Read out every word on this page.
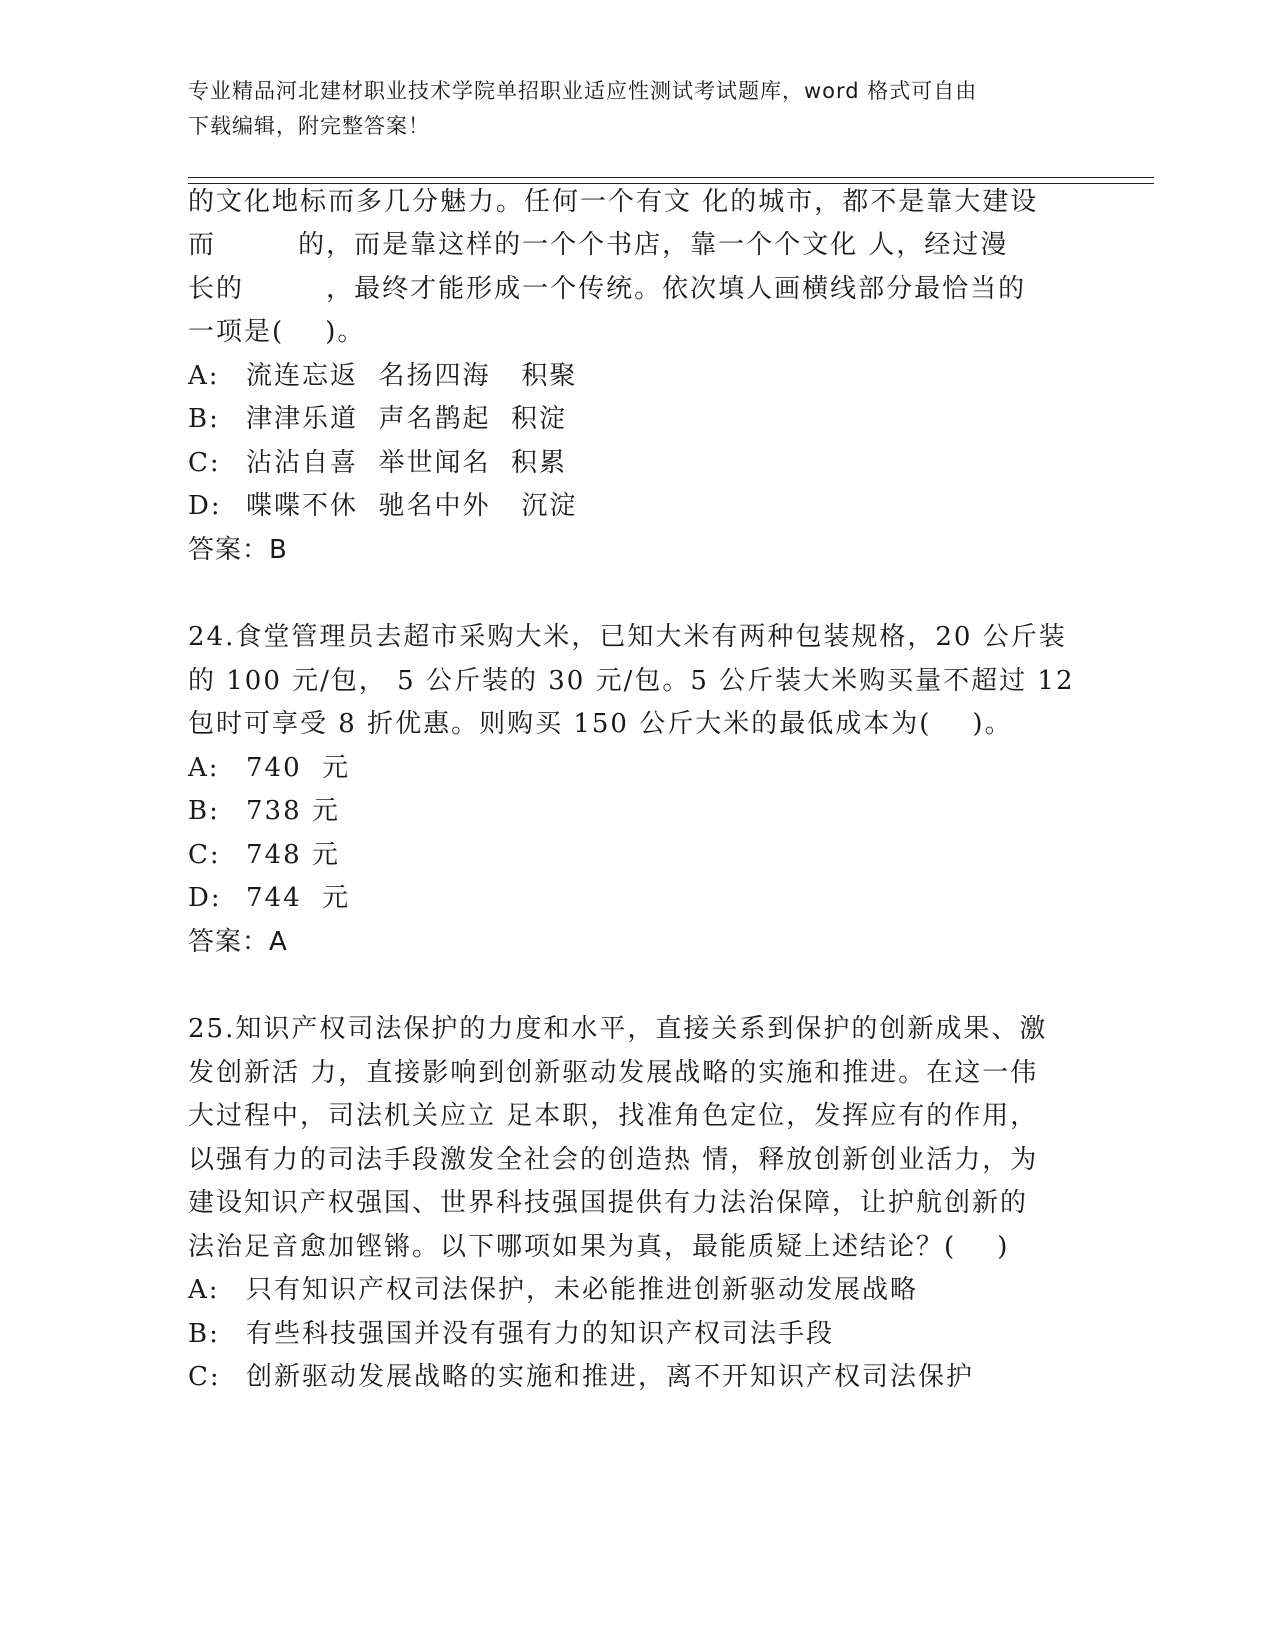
专业精品河北建材职业技术学院单招职业适应性测试考试题库，word 格式可自由
下载编辑，附完整答案！
的文化地标而多几分魅力。任何一个有文 化的城市，都不是靠大建设
而        的，而是靠这样的一个个书店，靠一个个文化 人，经过漫
长的        ，最终才能形成一个传统。依次填人画横线部分最恰当的
一项是(    )。
A: 流连忘返  名扬四海   积聚
B: 津津乐道  声名鹊起  积淀
C: 沾沾自喜  举世闻名  积累
D: 喋喋不休  驰名中外   沉淀
答案：B
24.食堂管理员去超市采购大米，已知大米有两种包装规格，20 公斤装
的 100 元/包， 5 公斤装的 30 元/包。5 公斤装大米购买量不超过 12
包时可享受 8 折优惠。则购买 150 公斤大米的最低成本为(    )。
A: 740  元
B: 738 元
C: 748 元
D: 744  元
答案：A
25.知识产权司法保护的力度和水平，直接关系到保护的创新成果、激
发创新活 力，直接影响到创新驱动发展战略的实施和推进。在这一伟
大过程中，司法机关应立 足本职，找准角色定位，发挥应有的作用，
以强有力的司法手段激发全社会的创造热 情，释放创新创业活力，为
建设知识产权强国、世界科技强国提供有力法治保障，让护航创新的
法治足音愈加铿锵。以下哪项如果为真，最能质疑上述结论？(    )
A: 只有知识产权司法保护，未必能推进创新驱动发展战略
B: 有些科技强国并没有强有力的知识产权司法手段
C: 创新驱动发展战略的实施和推进，离不开知识产权司法保护
